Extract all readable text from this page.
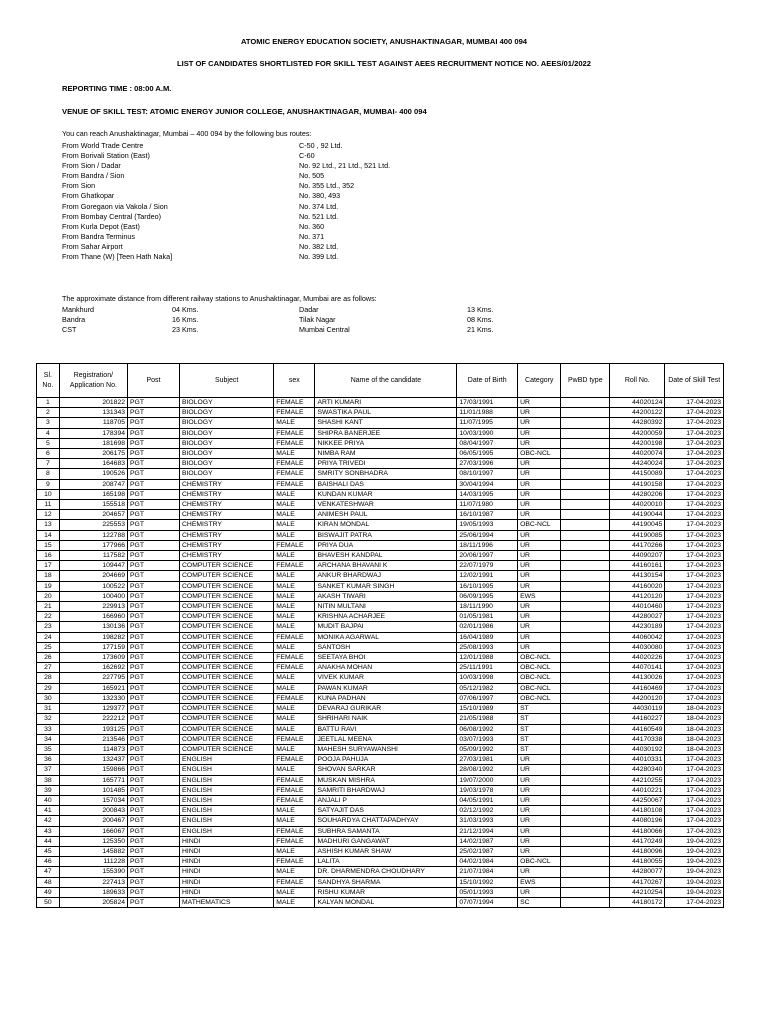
ATOMIC ENERGY EDUCATION SOCIETY, ANUSHAKTINAGAR, MUMBAI 400 094
LIST OF CANDIDATES SHORTLISTED FOR SKILL TEST AGAINST AEES RECRUITMENT NOTICE NO. AEES/01/2022
REPORTING TIME : 08:00 A.M.
VENUE OF SKILL TEST: ATOMIC ENERGY JUNIOR COLLEGE, ANUSHAKTINAGAR, MUMBAI- 400 094
You can reach Anushaktinagar, Mumbai – 400 094 by the following bus routes:
From World Trade Centre	C-50 , 92 Ltd.
From Borivali Station (East)	C-60
From Sion / Dadar	No. 92 Ltd., 21 Ltd., 521 Ltd.
From Bandra / Sion	No. 505
From Sion	No. 355 Ltd., 352
From Ghatkopar	No. 380, 493
From Goregaon via Vakola / Sion	No. 374 Ltd.
From Bombay Central (Tardeo)	No. 521 Ltd.
From Kurla Depot (East)	No. 360
From Bandra Terminus	No. 371
From Sahar Airport	No. 382 Ltd.
From Thane (W) [Teen Hath Naka]	No. 399 Ltd.
The approximate distance from different railway stations to Anushaktinagar, Mumbai are as follows:
Mankhurd	04 Kms.	Dadar	13 Kms.
Bandra	16 Kms.	Tilak Nagar	08 Kms.
CST	23 Kms.	Mumbai Central	21 Kms.
Sl. No.	Registration/ Application No.	Post	Subject	sex	Name of the candidate	Date of Birth	Category	PwBD type	Roll No.	Date of Skill Test
1	201822	PGT	BIOLOGY	FEMALE	ARTI KUMARI	17/03/1991	UR		44020124	17-04-2023
2	131343	PGT	BIOLOGY	FEMALE	SWASTIKA PAUL	11/01/1988	UR		44200122	17-04-2023
3	118705	PGT	BIOLOGY	MALE	SHASHI KANT	11/07/1995	UR		44280392	17-04-2023
4	178394	PGT	BIOLOGY	FEMALE	SHIPRA BANERJEE	10/03/1990	UR		44200059	17-04-2023
5	181698	PGT	BIOLOGY	FEMALE	NIKKEE PRIYA	08/04/1997	UR		44200198	17-04-2023
6	206175	PGT	BIOLOGY	MALE	NIMBA RAM	06/05/1995	OBC-NCL		44020074	17-04-2023
7	164683	PGT	BIOLOGY	FEMALE	PRIYA TRIVEDI	27/03/1996	UR		44240024	17-04-2023
8	190526	PGT	BIOLOGY	FEMALE	SMRITY SONBHADRA	08/10/1997	UR		44150089	17-04-2023
9	208747	PGT	CHEMISTRY	FEMALE	BAISHALI DAS	30/04/1994	UR		44190158	17-04-2023
10	165198	PGT	CHEMISTRY	MALE	KUNDAN KUMAR	14/03/1995	UR		44280206	17-04-2023
11	155518	PGT	CHEMISTRY	MALE	VENKATESHWAR	11/07/1980	UR		44020010	17-04-2023
12	204657	PGT	CHEMISTRY	MALE	ANIMESH PAUL	16/10/1987	UR		44190044	17-04-2023
13	225553	PGT	CHEMISTRY	MALE	KIRAN MONDAL	19/05/1993	OBC-NCL		44190045	17-04-2023
14	122788	PGT	CHEMISTRY	MALE	BISWAJIT PATRA	25/06/1994	UR		44190085	17-04-2023
15	177966	PGT	CHEMISTRY	FEMALE	PRIYA DUA	18/11/1996	UR		44170266	17-04-2023
16	117582	PGT	CHEMISTRY	MALE	BHAVESH KANDPAL	20/06/1997	UR		44090207	17-04-2023
17	109447	PGT	COMPUTER SCIENCE	FEMALE	ARCHANA BHAVANI K	22/07/1979	UR		44160161	17-04-2023
18	204669	PGT	COMPUTER SCIENCE	MALE	ANKUR BHARDWAJ	12/02/1991	UR		44130154	17-04-2023
19	100522	PGT	COMPUTER SCIENCE	MALE	SANKET KUMAR SINGH	16/10/1995	UR		44160020	17-04-2023
20	100400	PGT	COMPUTER SCIENCE	MALE	AKASH TIWARI	06/09/1995	EWS		44120120	17-04-2023
21	229913	PGT	COMPUTER SCIENCE	MALE	NITIN MULTANI	18/11/1990	UR		44010460	17-04-2023
22	166960	PGT	COMPUTER SCIENCE	MALE	KRISHNA ACHARJEE	01/05/1981	UR		44280027	17-04-2023
23	130136	PGT	COMPUTER SCIENCE	MALE	MUDIT BAJPAI	02/01/1986	UR		44230189	17-04-2023
24	198282	PGT	COMPUTER SCIENCE	FEMALE	MONIKA AGARWAL	16/04/1989	UR		44060042	17-04-2023
25	177159	PGT	COMPUTER SCIENCE	MALE	SANTOSH	25/08/1993	UR		44030080	17-04-2023
26	173609	PGT	COMPUTER SCIENCE	FEMALE	SEETAYA BHOI	12/01/1988	OBC-NCL		44020226	17-04-2023
27	162692	PGT	COMPUTER SCIENCE	FEMALE	ANAKHA MOHAN	25/11/1991	OBC-NCL		44070141	17-04-2023
28	227795	PGT	COMPUTER SCIENCE	MALE	VIVEK KUMAR	10/03/1998	OBC-NCL		44130026	17-04-2023
29	165921	PGT	COMPUTER SCIENCE	MALE	PAWAN KUMAR	05/12/1982	OBC-NCL		44160469	17-04-2023
30	132330	PGT	COMPUTER SCIENCE	FEMALE	KUNA PADHAN	07/06/1997	OBC-NCL		44200120	17-04-2023
31	129377	PGT	COMPUTER SCIENCE	MALE	DEVARAJ GURIKAR	15/10/1989	ST		44030119	18-04-2023
32	222212	PGT	COMPUTER SCIENCE	MALE	SHRIHARI NAIK	21/05/1988	ST		44160227	18-04-2023
33	193125	PGT	COMPUTER SCIENCE	MALE	BATTU RAVI	06/08/1992	ST		44160549	18-04-2023
34	213546	PGT	COMPUTER SCIENCE	FEMALE	JEETLAL MEENA	03/07/1993	ST		44170338	18-04-2023
35	114873	PGT	COMPUTER SCIENCE	MALE	MAHESH SURYAWANSHI	05/09/1992	ST		44030192	18-04-2023
36	132437	PGT	ENGLISH	FEMALE	POOJA PAHUJA	27/03/1981	UR		44010331	17-04-2023
37	159866	PGT	ENGLISH	MALE	SHOVAN SARKAR	28/08/1992	UR		44280340	17-04-2023
38	165771	PGT	ENGLISH	FEMALE	MUSKAN MISHRA	19/07/2000	UR		44210255	17-04-2023
39	101485	PGT	ENGLISH	FEMALE	SAMRITI BHARDWAJ	19/03/1978	UR		44010221	17-04-2023
40	157034	PGT	ENGLISH	FEMALE	ANJALI P	04/05/1991	UR		44250067	17-04-2023
41	200843	PGT	ENGLISH	MALE	SATYAJIT DAS	02/12/1992	UR		44180108	17-04-2023
42	200467	PGT	ENGLISH	MALE	SOUHARDYA CHATTAPADHYAY	31/03/1993	UR		44080196	17-04-2023
43	166067	PGT	ENGLISH	FEMALE	SUBHRA SAMANTA	21/12/1994	UR		44180066	17-04-2023
44	125350	PGT	HINDI	FEMALE	MADHURI GANGAWAT	14/02/1987	UR		44170249	19-04-2023
45	145882	PGT	HINDI	MALE	ASHISH KUMAR SHAW	25/02/1987	UR		44180096	19-04-2023
46	111228	PGT	HINDI	FEMALE	LALITA	04/02/1984	OBC-NCL		44180055	19-04-2023
47	155390	PGT	HINDI	MALE	DR. DHARMENDRA CHOUDHARY	21/07/1984	UR		44280077	19-04-2023
48	227413	PGT	HINDI	FEMALE	SANDHYA SHARMA	15/10/1992	EWS		44170267	19-04-2023
49	189633	PGT	HINDI	MALE	RISHU KUMAR	05/01/1993	UR		44210254	19-04-2023
50	205824	PGT	MATHEMATICS	MALE	KALYAN MONDAL	07/07/1994	SC		44180172	17-04-2023
